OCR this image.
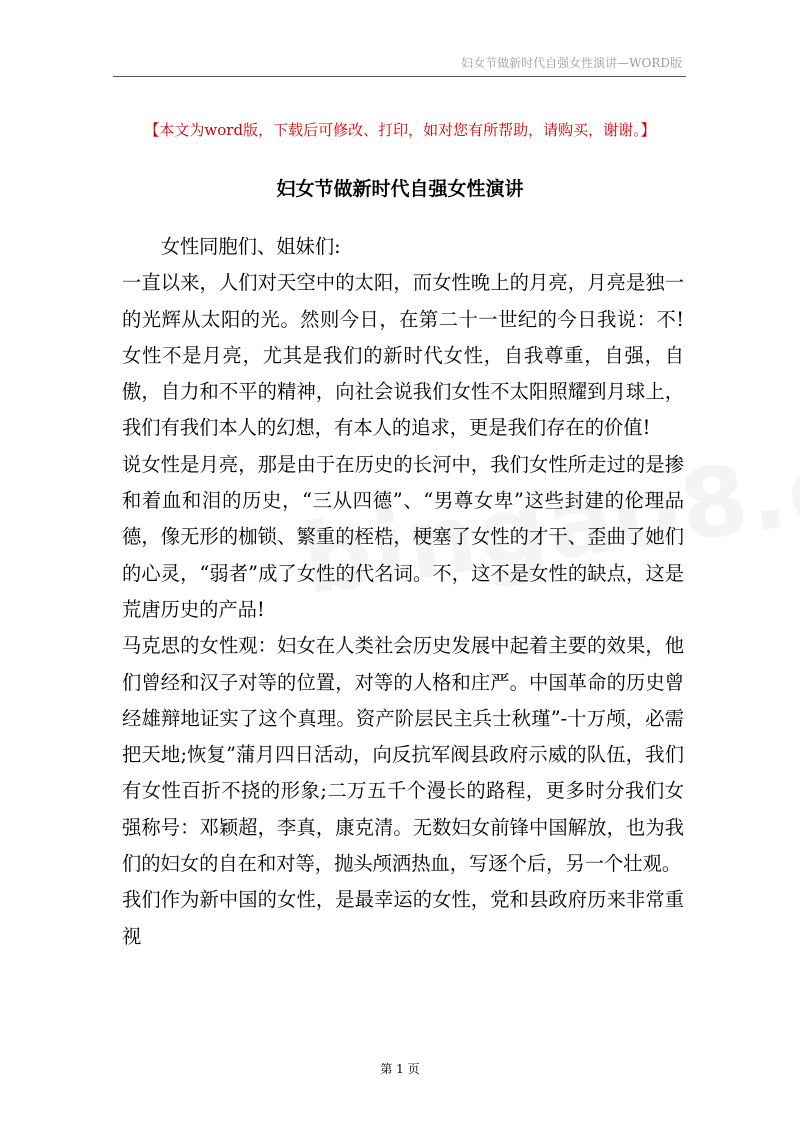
妇女节做新时代自强女性演讲—WORD版
【本文为word版，下载后可修改、打印，如对您有所帮助，请购买，谢谢。】
妇女节做新时代自强女性演讲

女性同胞们、姐妹们:

一直以来，人们对天空中的太阳，而女性晚上的月亮，月亮是独一的光辉从太阳的光。然则今日，在第二十一世纪的今日我说：不!女性不是月亮，尤其是我们的新时代女性，自我尊重，自强，自傲，自力和不平的精神，向社会说我们女性不太阳照耀到月球上，我们有我们本人的幻想，有本人的追求，更是我们存在的价值!

说女性是月亮，那是由于在历史的长河中，我们女性所走过的是掺和着血和泪的历史，“三从四德”、“男尊女卑”这些封建的伦理品德，像无形的枷锁、繁重的桎梏，梗塞了女性的才干、歪曲了她们的心灵，“弱者”成了女性的代名词。不，这不是女性的缺点，这是荒唐历史的产品!

马克思的女性观：妇女在人类社会历史发展中起着主要的效果，他们曾经和汉子对等的位置，对等的人格和庄严。中国革命的历史曾经雄辩地证实了这个真理。资产阶层民主兵士秋瑾”-十万颅，必需把天地;恢复”蒲月四日活动，向反抗军阀县政府示威的队伍，我们有女性百折不挠的形象;二万五千个漫长的路程，更多时分我们女强称号：邓颖超，李真，康克清。无数妇女前锋中国解放，也为我们的妇女的自在和对等，抛头颅洒热血，写逐个后，另一个壮观。

我们作为新中国的女性，是最幸运的女性，党和县政府历来非常重视

第 1 页
